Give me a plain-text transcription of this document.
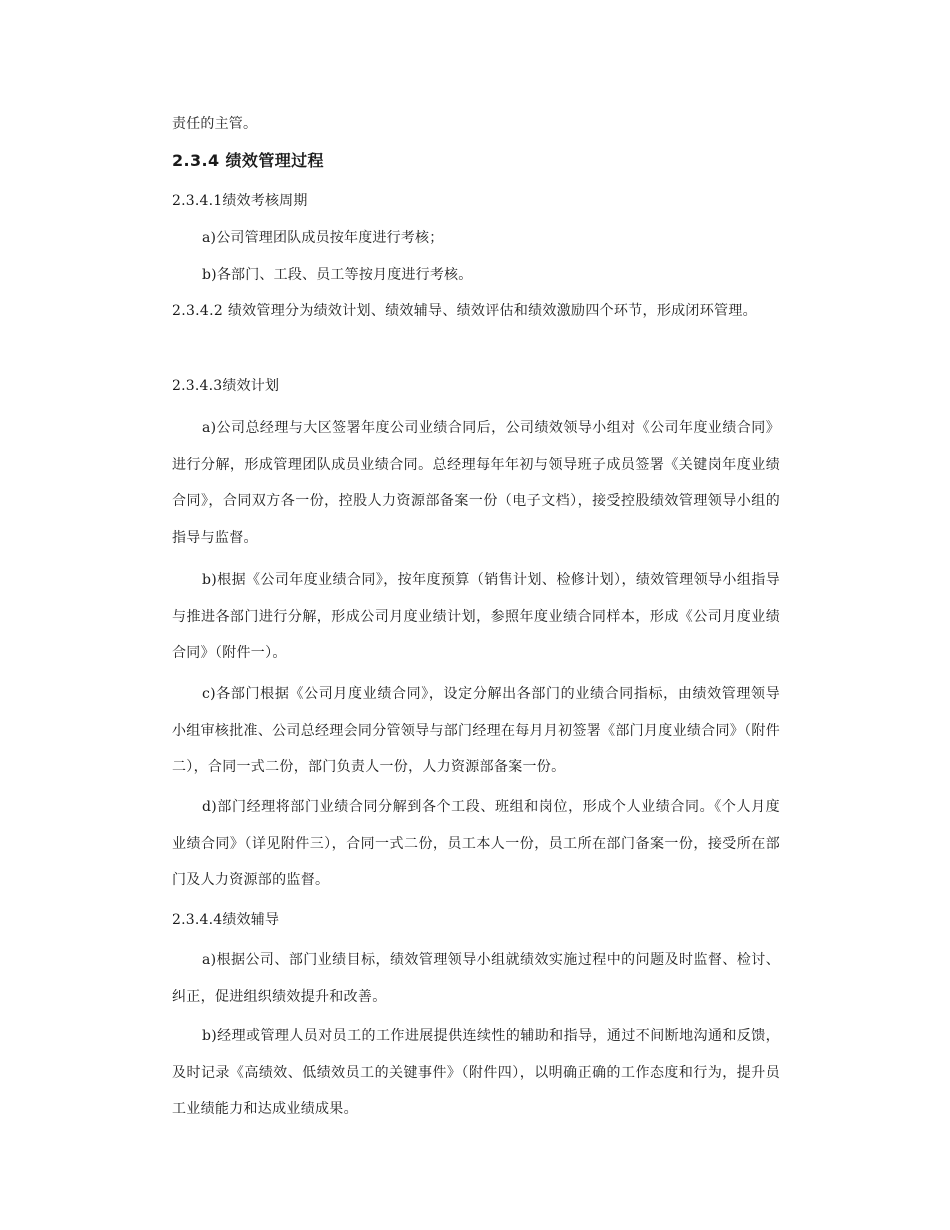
责任的主管。
2.3.4 绩效管理过程
2.3.4.1绩效考核周期
a)公司管理团队成员按年度进行考核；
b)各部门、工段、员工等按月度进行考核。
2.3.4.2 绩效管理分为绩效计划、绩效辅导、绩效评估和绩效激励四个环节，形成闭环管理。
2.3.4.3绩效计划
a)公司总经理与大区签署年度公司业绩合同后，公司绩效领导小组对《公司年度业绩合同》进行分解，形成管理团队成员业绩合同。总经理每年年初与领导班子成员签署《关键岗年度业绩合同》，合同双方各一份，控股人力资源部备案一份（电子文档），接受控股绩效管理领导小组的指导与监督。
b)根据《公司年度业绩合同》，按年度预算（销售计划、检修计划），绩效管理领导小组指导与推进各部门进行分解，形成公司月度业绩计划，参照年度业绩合同样本，形成《公司月度业绩合同》（附件一）。
c)各部门根据《公司月度业绩合同》，设定分解出各部门的业绩合同指标，由绩效管理领导小组审核批准、公司总经理会同分管领导与部门经理在每月月初签署《部门月度业绩合同》（附件二），合同一式二份，部门负责人一份，人力资源部备案一份。
d)部门经理将部门业绩合同分解到各个工段、班组和岗位，形成个人业绩合同。《个人月度业绩合同》（详见附件三），合同一式二份，员工本人一份，员工所在部门备案一份，接受所在部门及人力资源部的监督。
2.3.4.4绩效辅导
a)根据公司、部门业绩目标，绩效管理领导小组就绩效实施过程中的问题及时监督、检讨、纠正，促进组织绩效提升和改善。
b)经理或管理人员对员工的工作进展提供连续性的辅助和指导，通过不间断地沟通和反馈，及时记录《高绩效、低绩效员工的关键事件》（附件四），以明确正确的工作态度和行为，提升员工业绩能力和达成业绩成果。
